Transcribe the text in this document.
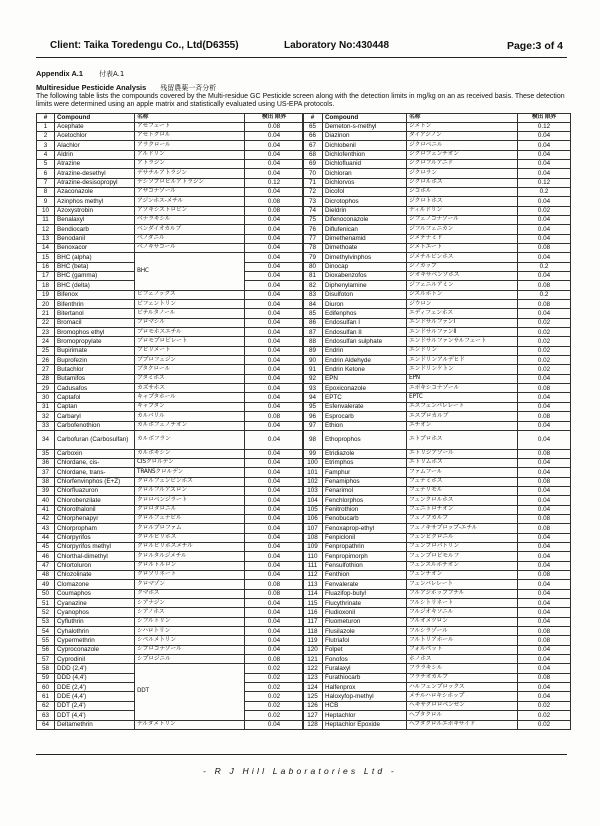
Client: Taika Toredengu Co., Ltd(D6355)	Laboratory No:430448	Page:3 of 4
Appendix A.1 付表A.1
Multiresidue Pesticide Analysis 残留農薬一斉分析
The following table lists the compounds covered by the Multi-residue GC Pesticide screen along with the detection limits in mg/kg on an as received basis. These detection limits were determined using an apple matrix and statistically evaluated using US-EPA protocols.
#	Compound	名称	検出 限界
1	Acephate	アセフェート	0.08
2	Acetochlor	アセトクロル	0.04
3	Alachlor	アラクロール	0.04
4	Aldrin	アルドリン	0.04
5	Atrazine	アトラジン	0.04
6	Atrazine-desethyl	デサチルアトラジン	0.04
7	Atrazine-desisopropyl	デシソプロピルアトラジン	0.12
8	Azaconazole	アザコナゾール	0.04
9	Azinphos methyl	アジンホス-メチル	0.08
10	Azoxystrobin	アゾキシストロビン	0.08
11	Benalaxyl	ベナラキシル	0.04
12	Bendiocarb	ベンダイオカルブ	0.04
13	Benodanil	ベノダニル	0.04
14	Benoxacor	ベノキサコール	0.04
15	BHC (alpha)	BHC	0.04
16	BHC (beta)		0.04
17	BHC (gamma)		0.04
18	BHC (delta)		0.04
19	Bifenox	ビフェノックス	0.04
20	Bifenthrin	ビフェントリン	0.04
21	Bitertanol	ビテルタノール	0.04
22	Bromacil	ブロマシル	0.04
23	Bromophos ethyl	ブロモホスエチル	0.04
24	Bromopropylate	ブロモプロピレート	0.04
25	Bupirimate	ブピリメート	0.04
26	Buprofezin	ブプロフェジン	0.04
27	Butachlor	ブタクロール	0.04
28	Butamifos	ブタミホス	0.04
29	Cadusafos	カズサホス	0.04
30	Captafol	キャプタホール	0.04
31	Captan	キャプタン	0.04
32	Carbaryl	カルバリル	0.08
33	Carbofenothion	カルボフェノチオン	0.04
34	Carbofuran (Carbosulfan)	カルボフラン	0.04
35	Carboxin	カルボキシン	0.04
36	Chlordane, cis-	CISクロルデン	0.04
37	Chlordane, trans-	TRANSクロルデン	0.04
38	Chlorfenvinphos (E+Z)	クロルフェンビンホス	0.04
39	Chlorfluazuron	クロルフルアズロン	0.04
40	Chlorobenzilate	クロロベンジラート	0.04
41	Chlorothalonil	クロロタロニル	0.04
42	Chlorphenapyr	クロルフェナピル	0.04
43	Chlorpropham	クロルプロファム	0.04
44	Chlorpyrifos	クロルピリホス	0.04
45	Chlorpyrifos methyl	クロルピリホスメチル	0.04
46	Chlorthal-dimethyl	クロルタルジメチル	0.04
47	Chlortoluron	クロルトルロン	0.04
48	Chlozolinate	クロゾリネート	0.04
49	Clomazone	クロマゾン	0.08
50	Coumaphos	クマホス	0.08
51	Cyanazine	シアナジン	0.04
52	Cyanophos	シアノホス	0.04
53	Cyfluthrin	シフルトリン	0.04
54	Cyhalothrin	シハロトリン	0.04
55	Cypermethrin	シペルメトリン	0.04
56	Cyproconazole	シプロコナゾール	0.04
57	Cyprodinil	シプロジニル	0.08
58	DDD (2,4')	DDT	0.02
59	DDD (4,4')		0.02
60	DDE (2,4')		0.02
61	DDE (4,4')		0.02
62	DDT (2,4')		0.02
63	DDT (4,4')		0.02
64	Deltamethrin	デルタメトリン	0.04
#	Compound	名称	検出 限界
65	Demeton-s-methyl	ジメトン	0.12
66	Diazinon	ダイアジノン	0.04
67	Dichlobenil	ジクロベニル	0.04
68	Dichlofenthion	ジクロフェンチオン	0.04
69	Dichlofluanid	ジクロフルアニド	0.04
70	Dichloran	ジクロラン	0.04
71	Dichlorvos	ジクロルボス	0.12
72	Dicofol	ジコホル	0.2
73	Dicrotophos	ジクロトホス	0.04
74	Dieldrin	ディルドリン	0.02
75	Difenoconazole	ジフェノコナゾール	0.04
76	Diflufenican	ジフルフェニカン	0.04
77	Dimethenamid	ジメテナミド	0.04
78	Dimethoate	ジメトエート	0.08
79	Dimethylvinphos	ジメチルビンホス	0.04
80	Dinocap	ジノカップ	0.2
81	Dioxabenzofos	ジオキサベンゾホス	0.04
82	Diphenylamine	ジフェニルアミン	0.08
83	Disulfoton	ジスルホトン	0.2
84	Diuron	ジウロン	0.08
85	Edifenphos	エディフェンホス	0.04
86	Endosulfan I	エンドサルファンI	0.02
87	Endosulfan II	エンドサルファンII	0.02
88	Endosulfan sulphate	エンドサルファンサルフェート	0.02
89	Endrin	エンドリン	0.02
90	Endrin Aldehyde	エンドリンアルデヒド	0.02
91	Endrin Ketone	エンドリンケトン	0.02
92	EPN	EPN	0.04
93	Epoxiconazole	エポキシコナゾール	0.08
94	EPTC	EPTC	0.04
95	Esfenvalerate	エスフェンバレレート	0.04
96	Esprocarb	エスプロカルブ	0.08
97	Ethion	エチオン	0.04
98	Ethoprophos	エトプロホス	0.04
99	Etridiazole	エトリジアゾール	0.08
100	Etrimphos	エトリムホス	0.04
101	Famphur	ファムフール	0.04
102	Fenamiphos	フェナミホス	0.08
103	Fenarimol	フェナリモル	0.04
104	Fenchlorphos	フェンクロルホス	0.04
105	Fenitrothion	フェニトロチオン	0.04
106	Fenobucarb	フェノブカルブ	0.08
107	Fenoxaprop-ethyl	フェノキサプロップ-エチル	0.08
108	Fenpiclonil	フェンピクロニル	0.04
109	Fenpropathrin	フェンプロパトリン	0.04
110	Fenpropimorph	フェンプロピモルフ	0.04
111	Fensulfothion	フェンスルホチオン	0.04
112	Fenthion	フェンチオン	0.08
113	Fenvalerate	フェンバレレート	0.04
114	Fluazifop-butyl	フルアジホップブチル	0.04
115	Flucythrinate	フルシトリネート	0.04
116	Fludioxonil	フルジオキソニル	0.04
117	Fluometuron	フルオメツロン	0.04
118	Flusilazole	フルシラゾール	0.08
119	Flutriafol	フルトリアホール	0.08
120	Folpet	フォルペット	0.04
121	Fonofos	ホノホス	0.04
122	Furalaxyl	フララキシル	0.04
123	Furathiocarb	フラチオカルブ	0.08
124	Halfenprox	ハルフェンプロックス	0.04
125	Haloxyfop-methyl	メチルハロキシホップ	0.04
126	HCB	ヘキサクロロベンゼン	0.02
127	Heptachlor	ヘプタクロル	0.02
128	Heptachlor Epoxide	ヘプタクロルエポキサイド	0.02
- R J Hill Laboratories Ltd -
